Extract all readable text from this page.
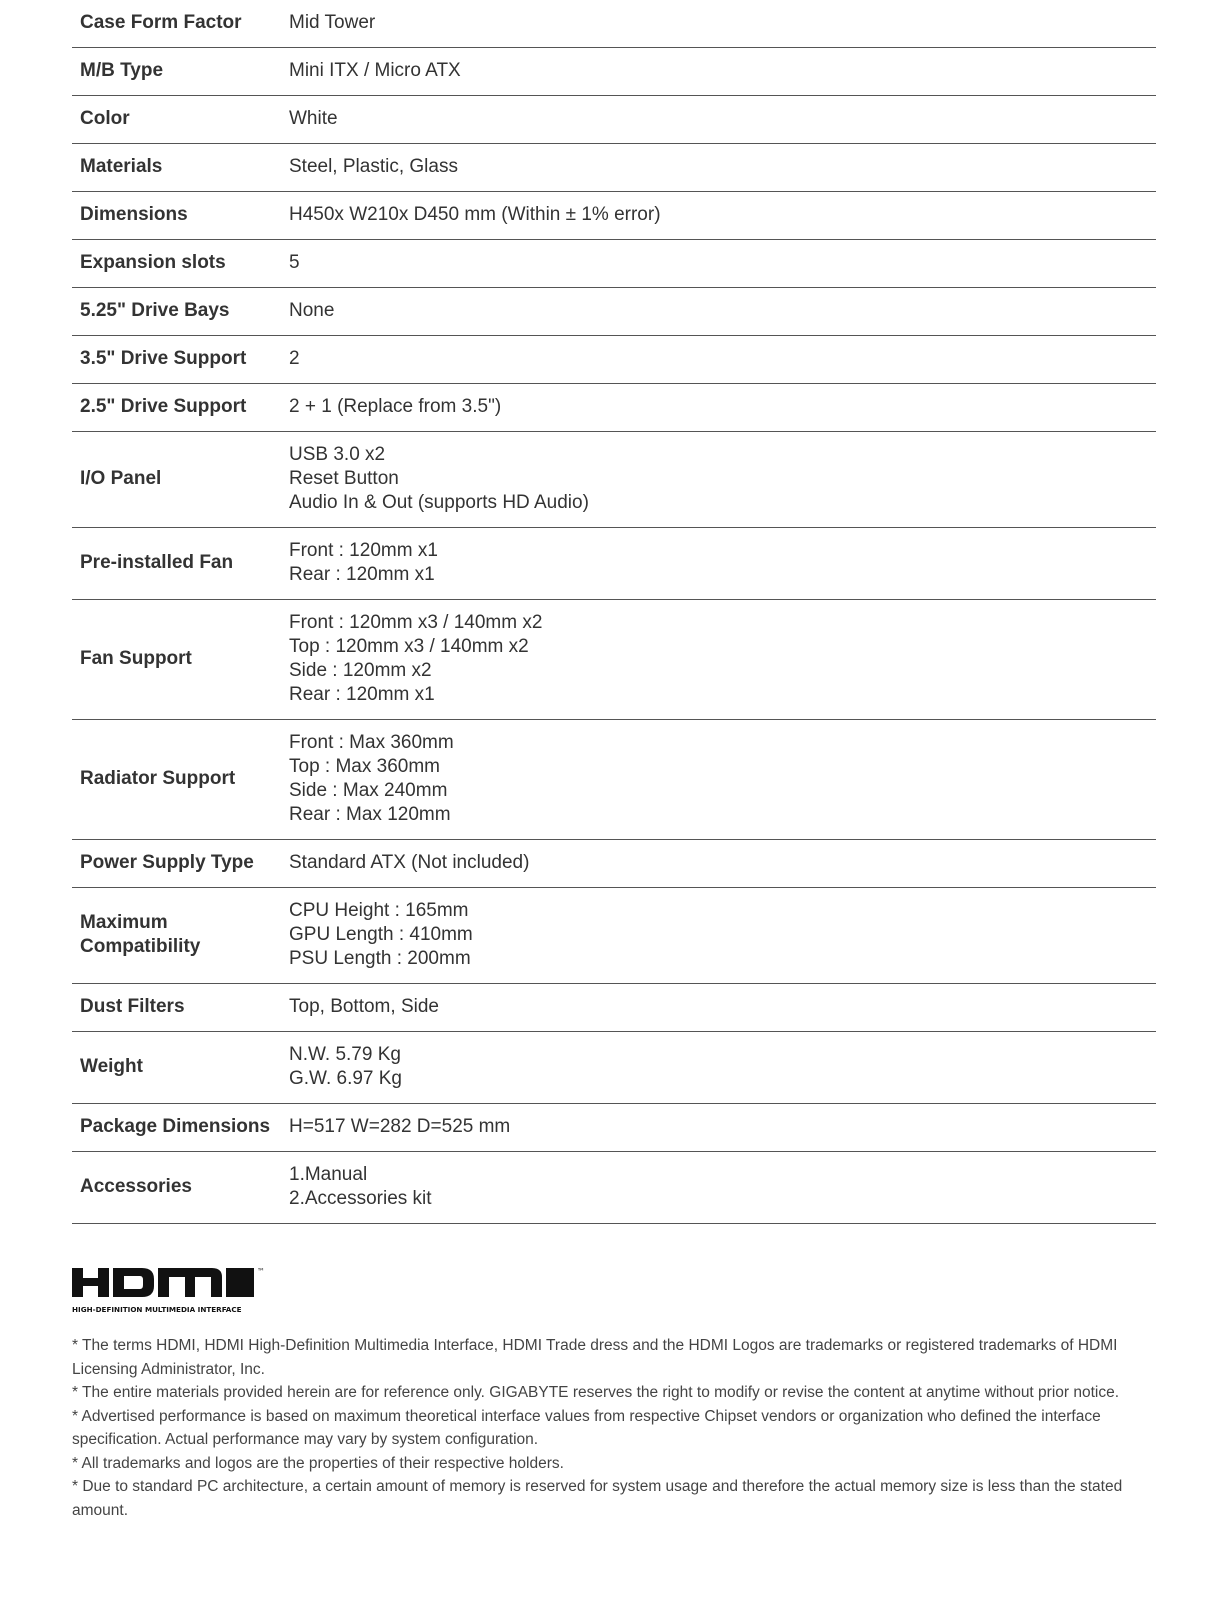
Case Form Factor	Mid Tower

M/B Type	Mini ITX / Micro ATX

Color	White

Materials	Steel, Plastic, Glass

Dimensions	H450x W210x D450 mm (Within ± 1% error)

Expansion slots	5

5.25" Drive Bays	None

3.5" Drive Support	2

2.5" Drive Support	2 + 1 (Replace from 3.5")

I/O Panel	USB 3.0 x2
Reset Button
Audio In & Out (supports HD Audio)

Pre-installed Fan	Front : 120mm x1
Rear : 120mm x1

Fan Support	Front : 120mm x3 / 140mm x2
Top : 120mm x3 / 140mm x2
Side : 120mm x2
Rear : 120mm x1

Radiator Support	Front : Max 360mm
Top : Max 360mm
Side : Max 240mm
Rear : Max 120mm

Power Supply Type	Standard ATX (Not included)

Maximum Compatibility	CPU Height : 165mm
GPU Length : 410mm
PSU Length : 200mm

Dust Filters	Top, Bottom, Side

Weight	N.W. 5.79 Kg
G.W. 6.97 Kg

Package Dimensions	H=517 W=282 D=525 mm

Accessories	1.Manual
2.Accessories kit
™
HIGH-DEFINITION MULTIMEDIA INTERFACE

* The terms HDMI, HDMI High-Definition Multimedia Interface, HDMI Trade dress and the HDMI Logos are trademarks or registered trademarks of HDMI Licensing Administrator, Inc.

* The entire materials provided herein are for reference only. GIGABYTE reserves the right to modify or revise the content at anytime without prior notice.

* Advertised performance is based on maximum theoretical interface values from respective Chipset vendors or organization who defined the interface specification. Actual performance may vary by system configuration.

* All trademarks and logos are the properties of their respective holders.

* Due to standard PC architecture, a certain amount of memory is reserved for system usage and therefore the actual memory size is less than the stated amount.
